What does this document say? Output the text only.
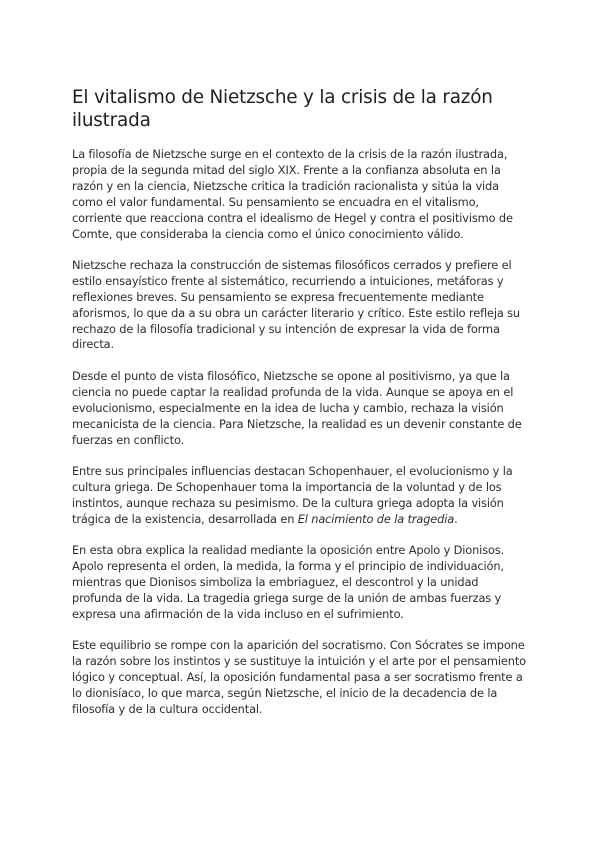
El vitalismo de Nietzsche y la crisis de la razón ilustrada

La filosofía de Nietzsche surge en el contexto de la crisis de la razón ilustrada, propia de la segunda mitad del siglo XIX. Frente a la confianza absoluta en la razón y en la ciencia, Nietzsche critica la tradición racionalista y sitúa la vida como el valor fundamental. Su pensamiento se encuadra en el vitalismo, corriente que reacciona contra el idealismo de Hegel y contra el positivismo de Comte, que consideraba la ciencia como el único conocimiento válido.

Nietzsche rechaza la construcción de sistemas filosóficos cerrados y prefiere el estilo ensayístico frente al sistemático, recurriendo a intuiciones, metáforas y reflexiones breves. Su pensamiento se expresa frecuentemente mediante aforismos, lo que da a su obra un carácter literario y crítico. Este estilo refleja su rechazo de la filosofía tradicional y su intención de expresar la vida de forma directa.

Desde el punto de vista filosófico, Nietzsche se opone al positivismo, ya que la ciencia no puede captar la realidad profunda de la vida. Aunque se apoya en el evolucionismo, especialmente en la idea de lucha y cambio, rechaza la visión mecanicista de la ciencia. Para Nietzsche, la realidad es un devenir constante de fuerzas en conflicto.

Entre sus principales influencias destacan Schopenhauer, el evolucionismo y la cultura griega. De Schopenhauer toma la importancia de la voluntad y de los instintos, aunque rechaza su pesimismo. De la cultura griega adopta la visión trágica de la existencia, desarrollada en El nacimiento de la tragedia.

En esta obra explica la realidad mediante la oposición entre Apolo y Dionisos. Apolo representa el orden, la medida, la forma y el principio de individuación, mientras que Dionisos simboliza la embriaguez, el descontrol y la unidad profunda de la vida. La tragedia griega surge de la unión de ambas fuerzas y expresa una afirmación de la vida incluso en el sufrimiento.

Este equilibrio se rompe con la aparición del socratismo. Con Sócrates se impone la razón sobre los instintos y se sustituye la intuición y el arte por el pensamiento lógico y conceptual. Así, la oposición fundamental pasa a ser socratismo frente a lo dionisíaco, lo que marca, según Nietzsche, el inicio de la decadencia de la filosofía y de la cultura occidental.
